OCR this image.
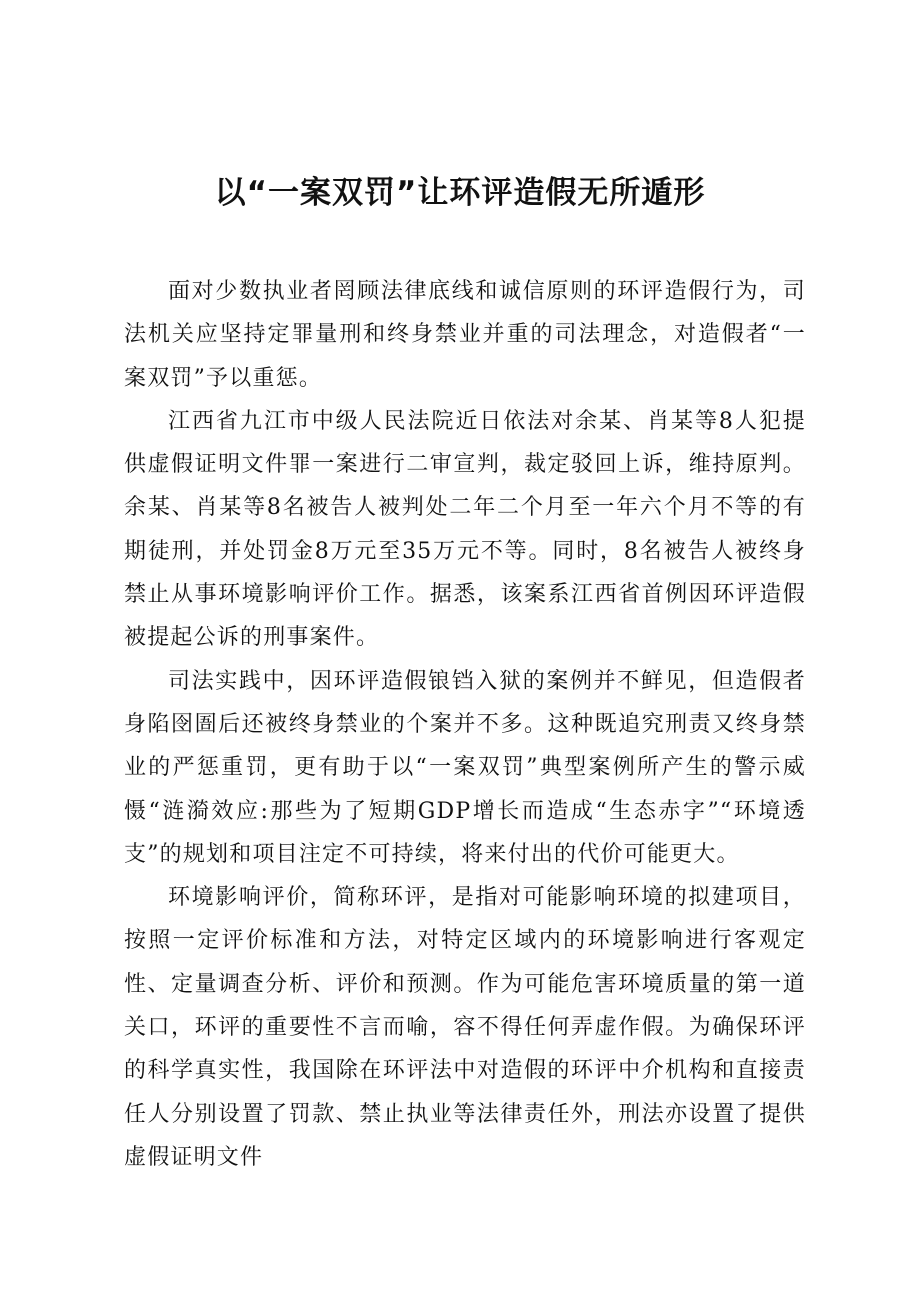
以“一案双罚”让环评造假无所遁形

面对少数执业者罔顾法律底线和诚信原则的环评造假行为，司法机关应坚持定罪量刑和终身禁业并重的司法理念，对造假者“一案双罚”予以重惩。

江西省九江市中级人民法院近日依法对余某、肖某等8人犯提供虚假证明文件罪一案进行二审宣判，裁定驳回上诉，维持原判。余某、肖某等8名被告人被判处二年二个月至一年六个月不等的有期徒刑，并处罚金8万元至35万元不等。同时，8名被告人被终身禁止从事环境影响评价工作。据悉，该案系江西省首例因环评造假被提起公诉的刑事案件。

司法实践中，因环评造假锒铛入狱的案例并不鲜见，但造假者身陷囹圄后还被终身禁业的个案并不多。这种既追究刑责又终身禁业的严惩重罚，更有助于以“一案双罚”典型案例所产生的警示威慑“涟漪效应:那些为了短期GDP增长而造成“生态赤字”“环境透支”的规划和项目注定不可持续，将来付出的代价可能更大。

环境影响评价，简称环评，是指对可能影响环境的拟建项目，按照一定评价标准和方法，对特定区域内的环境影响进行客观定性、定量调查分析、评价和预测。作为可能危害环境质量的第一道关口，环评的重要性不言而喻，容不得任何弄虚作假。为确保环评的科学真实性，我国除在环评法中对造假的环评中介机构和直接责任人分别设置了罚款、禁止执业等法律责任外，刑法亦设置了提供虚假证明文件
